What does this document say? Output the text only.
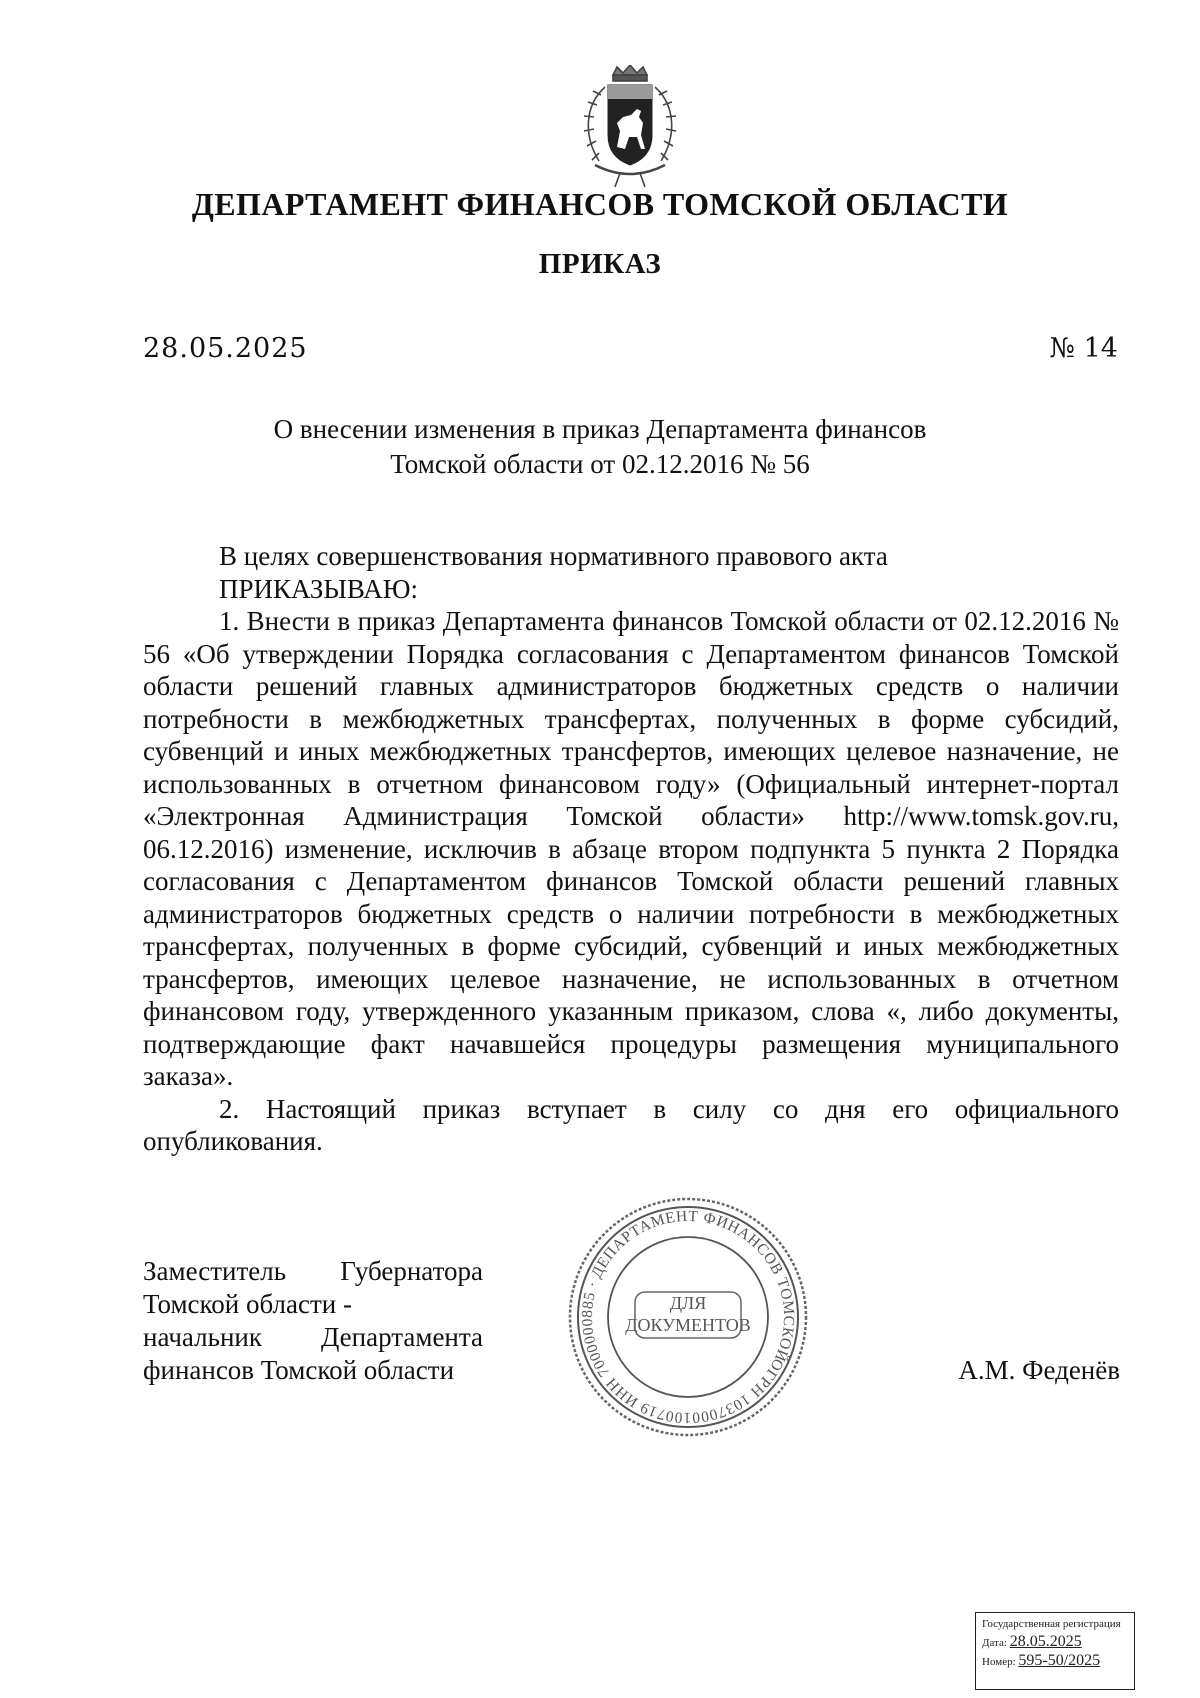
ДЕПАРТАМЕНТ ФИНАНСОВ ТОМСКОЙ ОБЛАСТИ
ПРИКАЗ
28.05.2025	№ 14
О внесении изменения в приказ Департамента финансов
Томской области от 02.12.2016 № 56

В целях совершенствования нормативного правового акта

ПРИКАЗЫВАЮ:

1. Внести в приказ Департамента финансов Томской области от 02.12.2016 № 56 «Об утверждении Порядка согласования с Департаментом финансов Томской области решений главных администраторов бюджетных средств о наличии потребности в межбюджетных трансфертах, полученных в форме субсидий, субвенций и иных межбюджетных трансфертов, имеющих целевое назначение, не использованных в отчетном финансовом году» (Официальный интернет-портал «Электронная Администрация Томской области» http://www.tomsk.gov.ru, 06.12.2016) изменение, исключив в абзаце втором подпункта 5 пункта 2 Порядка согласования с Департаментом финансов Томской области решений главных администраторов бюджетных средств о наличии потребности в межбюджетных трансфертах, полученных в форме субсидий, субвенций и иных межбюджетных трансфертов, имеющих целевое назначение, не использованных в отчетном финансовом году, утвержденного указанным приказом, слова «, либо документы, подтверждающие факт начавшейся процедуры размещения муниципального заказа».

2. Настоящий приказ вступает в силу со дня его официального опубликования.

Заместитель Губернатора
Томской области -
начальник Департамента
финансов Томской области	А.М. Феденёв
ОГРН 1037000100719 ИНН 7000000885 · ДЕПАРТАМЕНТ ФИНАНСОВ ТОМСКОЙ
ДЛЯ
ДОКУМЕНТОВ
Государственная регистрация
Дата: 28.05.2025
Номер: 595-50/2025
